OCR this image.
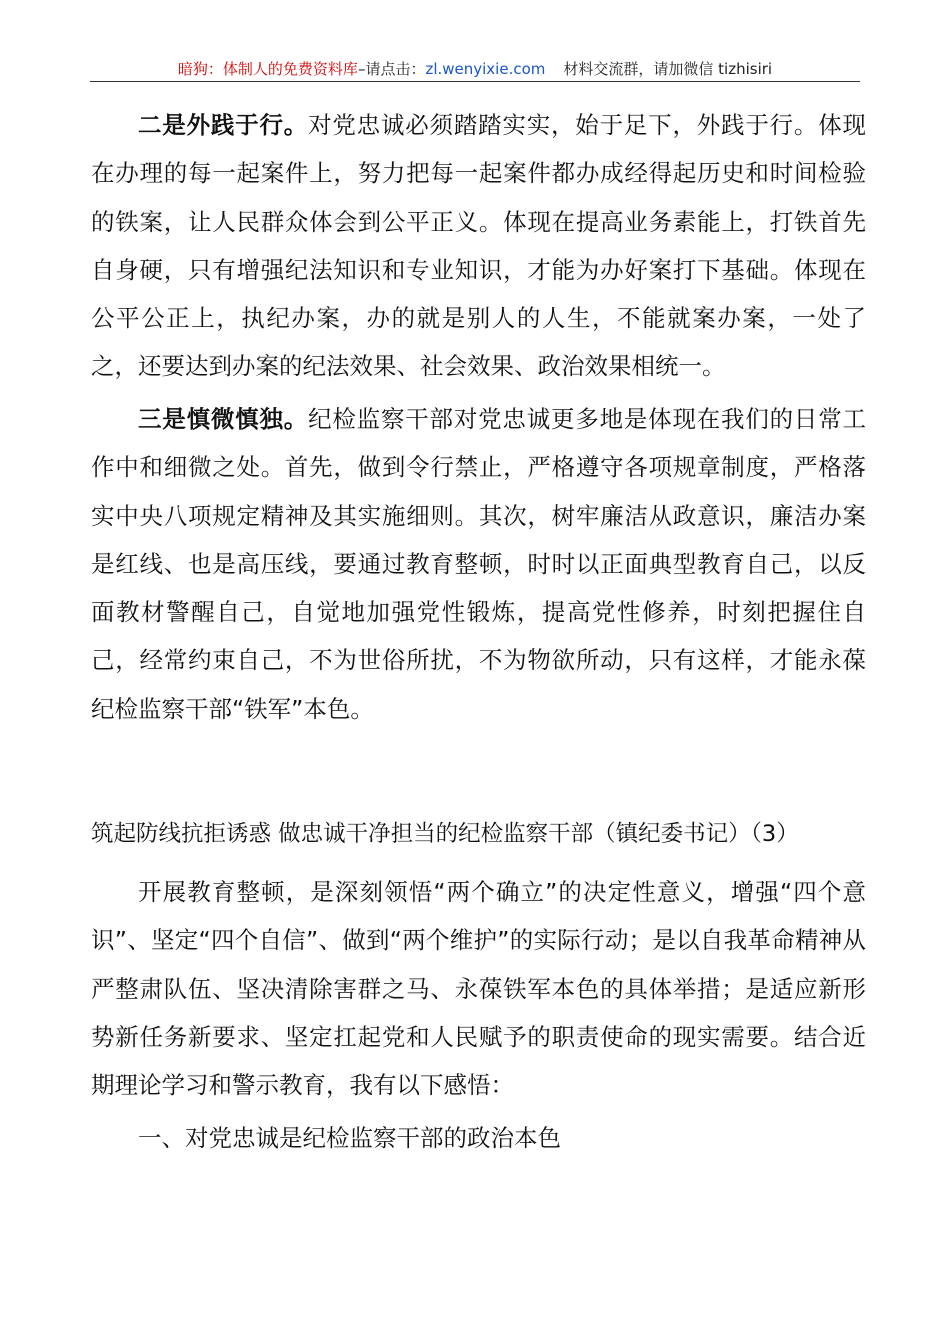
暗狗：体制人的免费资料库–请点击：zl.wenyixie.com 材料交流群，请加微信 tizhisiri
二是外践于行。对党忠诚必须踏踏实实，始于足下，外践于行。体现在办理的每一起案件上，努力把每一起案件都办成经得起历史和时间检验的铁案，让人民群众体会到公平正义。体现在提高业务素能上，打铁首先自身硬，只有增强纪法知识和专业知识，才能为办好案打下基础。体现在公平公正上，执纪办案，办的就是别人的人生，不能就案办案，一处了之，还要达到办案的纪法效果、社会效果、政治效果相统一。
三是慎微慎独。纪检监察干部对党忠诚更多地是体现在我们的日常工作中和细微之处。首先，做到令行禁止，严格遵守各项规章制度，严格落实中央八项规定精神及其实施细则。其次，树牢廉洁从政意识，廉洁办案是红线、也是高压线，要通过教育整顿，时时以正面典型教育自己，以反面教材警醒自己，自觉地加强党性锻炼，提高党性修养，时刻把握住自己，经常约束自己，不为世俗所扰，不为物欲所动，只有这样，才能永葆纪检监察干部“铁军”本色。
筑起防线抗拒诱惑 做忠诚干净担当的纪检监察干部（镇纪委书记）（3）
开展教育整顿，是深刻领悟“两个确立”的决定性意义，增强“四个意识”、坚定“四个自信”、做到“两个维护”的实际行动；是以自我革命精神从严整肃队伍、坚决清除害群之马、永葆铁军本色的具体举措；是适应新形势新任务新要求、坚定扛起党和人民赋予的职责使命的现实需要。结合近期理论学习和警示教育，我有以下感悟：
一、对党忠诚是纪检监察干部的政治本色
